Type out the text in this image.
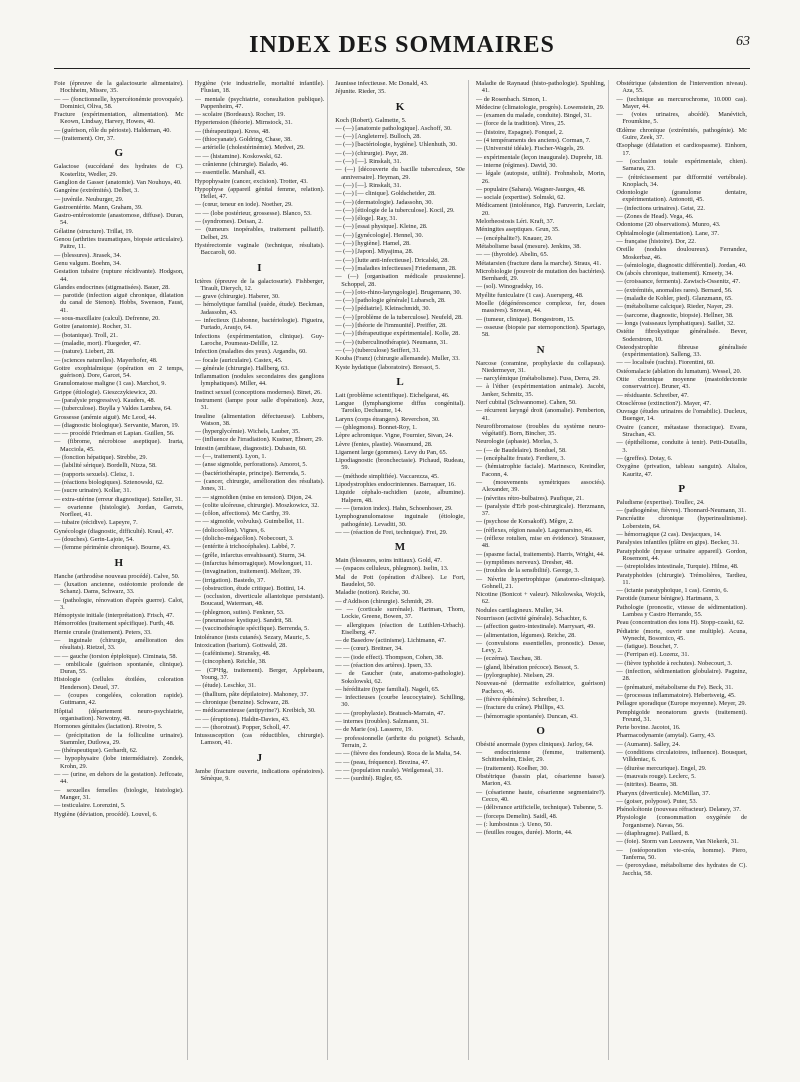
INDEX DES SOMMAIRES	63
Foie (épreuve de la galactosurie alimentaire). Hochheim, Missre, 35.
— — (fonctionnelle, hypercétonémie provoquée). Dominici, Oliva, 58.
Fracture (expérimentation, alimentation). Mc Keown, Lindsay, Harvey, Howes, 40.
— (guérison, rôle du périoste). Haldeman, 40.
— (traitement). Orr, 37.
G
Galactose (succédané des hydrates de C). Kosterlitz, Wedler, 29.
Ganglion de Gasser (anatomie). Van Nouhuys, 40.
Gangrène (extrémités). Delbet, 3.
— juvénile. Neuburger, 29.
Gastroentérite. Mann, Graham, 39.
Gastro-entérostomie (anastomose, diffuse). Duran, 54.
Gélatine (structure). Trillat, 19.
Genou (arthrites traumatiques, biopsie articulaire). Paitre, 11.
— (blessures). Jirasek, 34.
Genu valgum. Boehm, 34.
Gestation tubaire (rupture récidivante). Hodgson, 44.
Glandes endocrines (stigmatisées). Bauer, 28.
— parotide (infection aiguë chronique, dilatation du canal de Stenon). Hobbs, Swenson, Faust, 41.
— sous-maxillaire (calcul). Defrenne, 20.
Goitre (anatomie). Rocher, 31.
— (botanique). Troll, 21.
— (maladie, mort). Fluegeder, 47.
— (nature). Liebert, 28.
— (sciences naturelles). Mayerhofer, 48.
Goitre exophtalmique (opération en 2 temps, guérison). Dore, Garcet, 54.
Granulomatose maligne (1 cas). Marchot, 9.
Grippe (étiologie). Gieszczykiewicz, 20.
— (paralysie progressive). Kauders, 48.
— (tuberculose). Buylla y Valdes Lambea, 64.
Grossesse (anémie aiguë). Mc Leod, 44.
— (diagnostic biologique). Servantie, Maron, 19.
— — procédé Friedman et Lapian. Guillen, 56.
— (fibrome, nécrobiose aseptique). Irarta, Macciola, 45.
— (fonction hépatique). Strebbe, 29.
— (labilité sérique). Bordelli, Nizza, 58.
— (rapports sexuels). Cleisz, 1.
— (réactions biologiques). Sztenowski, 62.
— (sucre urinaire). Kollar, 31.
— extra-utérine (erreur diagnostique). Szteller, 31.
— ovarienne (histologie). Jordan, Garrets, Norfleet, 41.
— tubaire (récidive). Lapeyre, 7.
Gynécologie (diagnostic, difficulté). Kraul, 47.
— (douches). Gerin-Lajoie, 54.
— (femme périménie chronique). Bourne, 43.
H
Hanche (arthrodèse nouveau procédé). Calve, 50.
— (luxation ancienne, ostéotomie profonde de Schanz). Dams, Schwarz, 33.
— (pathologie, rénovation d'après guerre). Calot, 3.
Hémoptysie initiale (interprétation). Frisch, 47.
Hémorroïdes (traitement spécifique). Furth, 48.
Hernie crurale (traitement). Peters, 33.
— inguinale (chirurgie, amélioration des résultats). Rietzel, 33.
— — gauche (torsion épiploïque). Ciminata, 58.
— ombilicale (guérison spontanée, clinique). Duran, 55.
Histologie (cellules étoilées, coloration Henderson). Deuel, 37.
— (coupes congelées, coloration rapide). Guttmann, 42.
Hôpital (département neuro-psychiatrie, organisation). Nowotny, 48.
Hormones génitales (lactation). Rivoire, 5.
— (précipitation de la folliculine urinaire). Stammler, Dutlowa, 29.
— (thérapeutique). Gerhardt, 62.
— hypophysaire (lobe intermédiaire). Zondek, Krohn, 29.
— — (urine, en dehors de la gestation). Jeffcoate, 44.
— sexuelles femelles (biologie, histologie). Manger, 31.
— testiculaire. Lorenzini, 5.
Hygiène (déviation, procédé). Louvel, 6.
Hygiène (vie industrielle, mortalité infantile). Flusian, 18.
— mentale (psychiatrie, consultation publique). Pappenheim, 47.
— scolaire (Bordeaux). Rocher, 19.
Hypertension (théorie). Mirnstock, 31.
— (thérapeutique). Kress, 48.
— (thiocyanate). Goldring, Chase, 38.
— artérielle (cholestérinémie). Medvei, 29.
— — (histamine). Koskowski, 62.
— crânienne (chirurgie). Balado, 46.
— essentielle. Marshall, 43.
Hypophysaire (cancer, excision). Trotter, 43.
Hypophyse (appareil génital femme, relation). Hellet, 47.
— (cœur, teneur en iode). Noether, 29.
— — (lobe postérieur, grossesse). Blanco, 53.
— (syndromes). Deisan, 2.
— (tumeurs inopérables, traitement palliatif). Delbet, 29.
Hystérectomie vaginale (technique, résultats). Baccaroli, 60.
I
Ictères (épreuve de la galactosurie). Fishberger, Tirault, Dierych, 12.
— grave (chirurgie). Haberer, 30.
— hémolytique familial (suède, étude). Beckman, Jadassohn, 43.
— infectieux (Lisbonne, bactériologie). Figueira, Furtado, Araujo, 64.
Infections (expérimentation, clinique). Guy-Laroche, Poumeau-Delille, 12.
Infection (maladies des yeux). Argandis, 60.
— focale (auriculaire). Castex, 45.
— générale (chirurgie). Hallberg, 63.
Inflammation (nodules secondaires des ganglions lymphatiques). Miller, 44.
Instinct sexuel (conceptions modernes). Binet, 26.
Instrument (lampe pour salle d'opération). Jezz, 31.
Insuline (alimentation défectueuse). Lubbers, Watson, 38.
— (hyperglycémie). Wichels, Lauber, 35.
— (influence de l'irradiation). Kustner, Ebnerr, 29.
Intestin (amibiase, diagnostic). Dubasin, 60.
— (—, traitement). Lyon, 1.
— (anse sigmoïde, perforations). Amorot, 5.
— (bactériothérapie, principe). Berrenda, 5.
— (cancer, chirurgie, amélioration des résultats). Jones, 31.
— — sigmoïdien (mise en tension). Dijon, 24.
— (colite ulcéreuse, chirurgie). Moszkowicz, 32.
— (côlon, affections). Mc Carthy, 39.
— — sigmoïde, volvulus). Guimbellot, 11.
— (dolicocôlon). Vignes, 6.
— (dolicho-mégacôlon). Nobecourt, 3.
— (entérite à trichocéphales). Labbé, 7.
— (grêle, infarctus envahissant). Sturm, 34.
— (infarctus hémorragique). Mowlonguet, 11.
— (invagination, traitement). Meltzer, 39.
— (irrigation). Bastedo, 37.
— (obstruction, étude critique). Bottini, 14.
— (occlusion, diverticule allantoïque persistant). Boucaud, Waterman, 48.
— (phlegmon, suites). Fenkner, 53.
— (pneumatose kystique). Sandrit, 58.
— (vaccinothérapie spécifique). Berrenda, 5.
Intolérance (tests cutanés). Sezary, Mauric, 5.
Intoxication (barium). Gottwald, 28.
— (caféinisme). Stransky, 48.
— (cincophen). Reichle, 38.
— (CP¹Hg, traitement). Berger, Applebaum, Young, 37.
— (étude). Leschke, 31.
— (thallium, pâte dépilatoire). Mahoney, 37.
— chronique (benzine). Schwarz, 28.
— médicamenteuse (antipyrine?). Kreibich, 30.
— — (éruptions). Haldin-Davies, 43.
— — (thorotrast). Popper, Scholl, 47.
Intussusception (cas réductibles, chirurgie). Lamson, 41.
J
Jambe (fracture ouverte, indications opératoires). Sénèque, 9.
Jaunisse infectieuse. Mc Donald, 43.
Jéjunite. Rieder, 35.
K
Koch (Robert). Galmette, 5.
— (—) [anatomie pathologique]. Aschoff, 30.
— (—) [Angleterre]. Bulloch, 28.
— (—) [bactériologie, hygiène]. Uhlenhuth, 30.
— (—) (chirurgie). Payr, 28.
— (—) [—]. Rinskalt, 31.
— (—) [découverte du bacille tuberculeux, 50e anniversaire]. Heyman, 29.
— (—) [—]. Rinskalt, 31.
— (—) [— clinique]. Goldscheider, 28.
— (—) (dermatologie). Jadassohn, 30.
— (—) [étiologie de la tuberculose]. Kocil, 29.
— (—) [éloge]. Ray, 31.
— (—) [essai physique]. Kleine, 28.
— (—) [gynécologie]. Hennel, 30.
— (—) [hygiène]. Hamel, 28.
— (—) [Japon]. Miyajima, 28.
— (—) [lutte anti-infectieuse]. Dricalski, 28.
— (—) [maladies infectieuses] Friedemann, 28.
— (—) [organisation médicale prussienne]. Schoppel, 28.
— (—) [oto-rhino-laryngologie]. Brugemann, 30.
— (—) [pathologie générale] Lubarsch, 28.
— (—) [pédiatrie]. Kleinschmidt, 30.
— (—) [problème de la tuberculose]. Neufeld, 28.
— (—) [théorie de l'immunité]. Preiffer, 28.
— (—) [thérapeutique expérimentale]. Kolle, 28.
— (—) (tuberculinothérapie). Neumann, 31.
— (—) (tuberculose) Seiffert, 31.
Kouba (Franz) (chirurgie allemande). Muller, 33.
Kyste hydatique (laboratoire). Bressot, 5.
L
Lait (problème scientifique). Eichelgarat, 46.
Langue (lymphangiome diffus congénital). Taroiko, Dechaume, 14.
Larynx (corps étrangers). Reverchon, 30.
— (phlegmons). Bonnet-Roy, 1.
Lèpre achromique. Vigne, Fournier, Sivan, 24.
Lèvre (fentes, plastie). Wassmund, 28.
Ligament large (gommes). Levy du Pan, 65.
Lipodiagnostic (bronchectasie). Pichaud, Rudeau, 59.
— (méthode simplifiée). Vaccarezza, 45.
Lipodystrophies endocriniennes. Barraquer, 16.
Liquide céphalo-rachidien (azote, albumine). Halpern, 48.
— — (tension index). Hahn, Schoenhoser, 29.
Lymphogranulomatose inguinale (étiologie, pathogénie). Levaditi, 30.
— — (réaction de Frei, technique). Frei, 29.
M
Main (blessures, soins initiaux). Gold, 47.
— (espaces celluleux, phlegmon). Iselin, 13.
Mal de Pott (opération d'Albee). Le Fort, Baudelot, 50.
Maladie (notion). Reiche, 30.
— d'Addison (chirurgie). Schmidt, 29.
— — (corticale surrénale). Hartman, Thorn, Lockie, Greene, Bowen, 37.
— allergiques (réaction de Luithlen-Urbach). Eiselberg, 47.
— de Basedow (actinisme). Lichtmann, 47.
— — (cœur). Breitner, 34.
— — (iode effect). Thompson, Cohen, 38.
— — (réaction des artères). Ipsen, 33.
— de Gaucher (rate, anatomo-pathologie). Sokolowski, 62.
— héréditaire (type familial). Nageli, 65.
— infectieuses (courbe leucocytaire). Schilling, 30.
— — (prophylaxie). Bratusch-Marrain, 47.
— internes (troubles). Salzmann, 31.
— de Marie (os). Lasserre, 19.
— professionnelle (arthrite du poignet). Schaub, Terrain, 2.
— — (fièvre des fondeurs). Roca de la Malta, 54.
— — (peau, fréquence). Brezina, 47.
— — (population rurale). Weilgemeal, 31.
— — (surdité). Rigler, 65.
Maladie de Raynaud (histo-pathologie). Spuhling, 41.
— de Rosenbach. Simon, 1.
Médecine (climatologie, progrès). Lowenstein, 29.
— (examen du malade, conduite). Bingel, 31.
— (force de la tradition). Vires, 25.
— (histoire, Espagne). Fonquel, 2.
— (4 tempéraments des anciens). Corman, 7.
— (Université idéale). Fischer-Wagels, 29.
— expérimentale (leçon inaugurale). Duprehr, 18.
— interne (régimes). David, 30.
— légale (autopsie, utilité). Frohnsholz, Morin, 26.
— populaire (Sahara). Wagner-Jaurges, 48.
— sociale (expertise). Solmski, 62.
Médicament (intolérance, Hg). Faruverin, Leclair, 20.
Melorheostosis Léri. Kraft, 37.
Méningites aseptiques. Grun, 35.
— (encéphalite?). Knauer, 29.
Métabolisme basal (mesure). Jenkins, 38.
— — (thyroïde). Abelin, 65.
Métatarsien (fracture dans la marche). Straus, 41.
Microbiologie (pouvoir de mutation des bactéries). Bernhardt, 29.
— (sol). Winogradsky, 16.
Myélite funiculaire (1 cas). Auersperg, 48.
Moelle (dégénérescence complexe, fer, doses massives). Snowan, 44.
— (tumeur, clinique). Bongestrom, 15.
— osseuse (biopsie par sternoponction). Spartago, 58.
N
Narcose (coramine, prophylaxie du collapsus). Niedermeyer, 31.
— narcylémique (métabolisme). Fuss, Derra, 29.
— à l'éther (expérimentation animale). Jacobi, Janker, Schmitz, 35.
Nerf cubital (Schwannome). Cahen, 50.
— récurrent laryngé droit (anomalie). Pemberton, 41.
Neurofibromatose (troubles du système neuro-végétatif). Born, Bincher, 35.
Neurologie (aphasie). Morlas, 3.
— (— de Baudelaire). Bonduel, 58.
— (encéphalite fruste). Ferdiere, 3.
— (hémiatrophie faciale). Marinesco, Kreindler, Faconn, 4.
— (mouvements symétriques associés). Alexander, 39.
— (névrites rétro-bulbaires). Paufique, 21.
— (paralysie d'Erb post-chirurgicale). Herzmann, 37.
— (psychose de Korsakoff). Mêgre, 2.
— (réflexes, région nasale). Lagomarsino, 46.
— (réflexe rotulien, mise en évidence). Strausser, 48.
— (spasme facial, traitements). Harris, Wright, 44.
— (symptômes nerveux). Dresher, 48.
— (troubles de la sensibilité). George, 3.
— Névrite hypertrophique (anatomo-clinique). Gohnell, 21.
Nicotine (Bonicot + valeur). Nikolowska, Wojcik, 62.
Nodules cartilagineux. Muller, 34.
Nourrisson (activité générale). Schachter, 6.
— (affection gastro-intestinale). Marrysart, 49.
— (alimentation, légumes). Reiche, 28.
— (convulsions essentielles, pronostic). Desse, Levy, 2.
— (eczéma). Taschau, 38.
— (gland, libération précoce). Bessot, 5.
— (pylorgraphie). Nielsen, 29.
Nouveau-né (dermatite exfoliatrice, guérison) Pacheco, 46.
— (fièvre éphémère). Schreiber, 1.
— (fracture du crâne). Phillips, 43.
— (hémorragie spontanée). Duncan, 43.
O
Obésité anormale (types cliniques). Jarloy, 64.
— endocrinienne (femme, traitement). Schittenhelm, Eisler, 29.
— (traitement). Koelher, 30.
Obstétrique (bassin plat, césarienne basse). Marion, 43.
— (césarienne haute, césarienne segmentaire?). Cecco, 40.
— (délivrance artificielle, technique). Tubenne, 5.
— (forceps Demelin). Saidl, 48.
— (: lumbosinus :). Ueno, 50.
— (feuilles rouges, durée). Morin, 44.
Obstétrique (abstention de l'intervention niveau). Aza, 55.
— (technique au mercurochrome, 10.000 cas). Mayer, 44.
— (voies urinaires, abcédé). Manévitch, Froumkine, 5.
Œdème chronique (extrémités, pathogénie). Mc Guire, Zeek, 37.
Œsophage (dilatation et cardiospasme). Einhorn, 17.
— (occlusion totale expérimentale, chien). Samaras, 23.
— (rétrécissement par difformité vertébrale). Knoplach, 34.
Odontologie (granulome dentaire, expérimentation). Antonotti, 45.
— (infections urinaires). Geist, 22.
— (Zones de Head). Vega, 46.
Odontome (20 observations). Munro, 43.
Ophtalmologie (alimentation). Lane, 37.
— française (histoire). Dor, 22.
Oreille (nodules douloureux). Ferrandez, Moskerbaz, 46.
— (sémiologie, diagnostic différentiel). Jordan, 40.
Os (abcès chronique, traitement). Kmeety, 34.
— (croissance, ferments). Zawisch-Ossenitz, 47.
— (extrémités, anomalies rares). Bernard, 56.
— (maladie de Kohler, pied). Glanzmann, 65.
— (métabolisme calcique). Rieder, Nayer, 29.
— (sarcome, diagnostic, biopsie). Hellner, 38.
— longs (vaisseaux lymphatiques). Saillet, 32.
Ostéite fibrokystique généralisée. Bever, Soderstrom, 10.
Osteodystrophie fibreuse généralisée (expérimentation). Salleng, 33.
— — localisée (rachis). Fiorentini, 60.
Ostéomalacie (ablation du lumatum). Wessel, 20.
Otite chronique moyenne (mastoïdectomie conservatrice). Bruner, 43.
— résiduante. Schreiber, 47.
Otosclérose (extinction?). Mayer, 47.
Ouvrage (études urinaires de l'omabilic). Ducleux, Buenger, 14.
Ovaire (cancer, métastase thoracique). Evans, Strachan, 43.
— (épithéliome, conduite à tenir). Petit-Dutaillis, 3.
— (greffes). Dotay, 6.
Oxygène (privation, tableau sanguin). Altalos, Kauritz, 47.
P
Paludisme (expertise). Toullec, 24.
— (pathogénèse, fièvres). Thonnard-Neumann, 31.
Pancréatite chronique (hyperinsulinisme). Loberstein, 64.
— hémorragique (2 cas). Desjacques, 14.
Paralysies infantiles (plâtre en gips). Becker, 31.
Paratyphoïde (myase urinaire appareil). Gordon, Rosemont, 44.
— (streptolides intestinale, Turquie). Hilme, 48.
Paratyphoïdes (chirurgie). Trémolières, Tardieu, 11.
— (ictanie paratyphoïque, 1 cas). Grenio, 6.
Parotide (tumeur bénigne). Hartmann, 3.
Pathologie (pronostic, vitesse de sédimentation). Lambea y Castro Herrando, 55.
Peau (concentration des ions H). Stopp-czaski, 62.
Pédiatrie (morte, ouvrir une multiple). Acuna, Wynecht, Bosomico, 45.
— (fatigue). Bouchet, 7.
— (Ferripan et). Lozenz, 31.
— (fièvre typhoïde à rechutes). Nobecourt, 3.
— (infection, sédimentation globulaire). Pagninz, 28.
— (prématuré, métabolisme du Fe). Beck, 31.
— (processus inflammatoire). Hebertsveig, 45.
Pellagre sporadique (Europe moyenne). Meyer, 29.
Pemphigoïde neonatorum gravis (traitement). Freund, 31.
Perte bovine. Jacotot, 16.
Pharmacodynamie (amytal). Garry, 43.
— (Aumann). Salley, 24.
— (conditions circulatoires, influence). Bousquet, Villdeniac, 6.
— (diurèse mercurique). Engel, 29.
— (mauvais rouge). Leclerc, 5.
— (nitrites). Beams, 38.
Pharynx (diverticule). McMillan, 37.
— (goiser, polypose). Puter, 53.
Phénolcétonie (nouveau réfracteur). Delaney, 37.
Physiologie (consommation oxygénée de l'organisme). Navas, 56.
— (diaphragme). Paillard, 8.
— (foie). Storm van Leeuwen, Van Niekerk, 31.
— (ostéoporation vie-créa, homme). Piero, Tanferna, 50.
— (peroxydase, métabolisme des hydrates de C). Jacchia, 58.
